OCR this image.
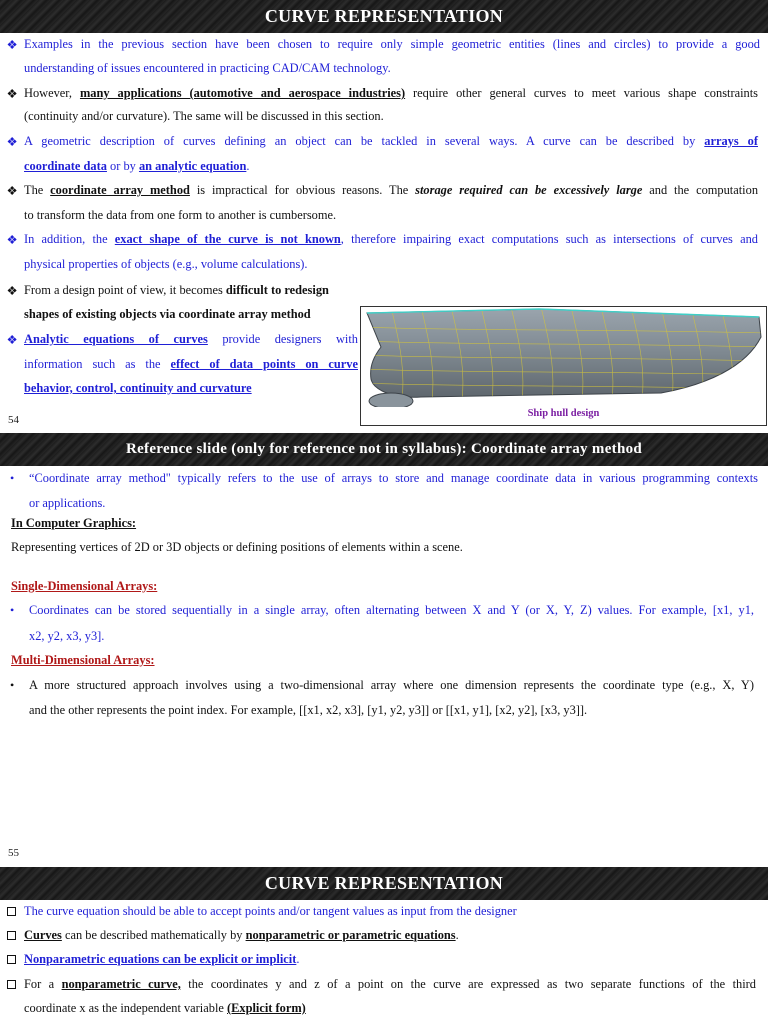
CURVE REPRESENTATION
❖ Examples in the previous section have been chosen to require only simple geometric entities (lines and circles) to provide a good
understanding of issues encountered in practicing CAD/CAM technology.
❖ However, many applications (automotive and aerospace industries) require other general curves to meet various shape constraints
(continuity and/or curvature). The same will be discussed in this section.
❖ A geometric description of curves defining an object can be tackled in several ways. A curve can be described by arrays of
coordinate data or by an analytic equation.
❖ The coordinate array method is impractical for obvious reasons. The storage required can be excessively large and the computation
to transform the data from one form to another is cumbersome.
❖ In addition, the exact shape of the curve is not known, therefore impairing exact computations such as intersections of curves and
physical properties of objects (e.g., volume calculations).
❖ From a design point of view, it becomes difficult to redesign
shapes of existing objects via coordinate array method
❖ Analytic equations of curves provide designers with
information such as the effect of data points on curve
behavior, control, continuity and curvature
Ship hull design
54
Reference slide (only for reference not in syllabus): Coordinate array method
• “Coordinate array method" typically refers to the use of arrays to store and manage coordinate data in various programming contexts
or applications.
In Computer Graphics:
Representing vertices of 2D or 3D objects or defining positions of elements within a scene.
Single-Dimensional Arrays:
• Coordinates can be stored sequentially in a single array, often alternating between X and Y (or X, Y, Z) values. For example, [x1, y1,
x2, y2, x3, y3].
Multi-Dimensional Arrays:
• A more structured approach involves using a two-dimensional array where one dimension represents the coordinate type (e.g., X, Y)
and the other represents the point index. For example, [[x1, x2, x3], [y1, y2, y3]] or [[x1, y1], [x2, y2], [x3, y3]].
55
CURVE REPRESENTATION
The curve equation should be able to accept points and/or tangent values as input from the designer
Curves can be described mathematically by nonparametric or parametric equations.
Nonparametric equations can be explicit or implicit.
For a nonparametric curve, the coordinates y and z of a point on the curve are expressed as two separate functions of the third
coordinate x as the independent variable (Explicit form)
